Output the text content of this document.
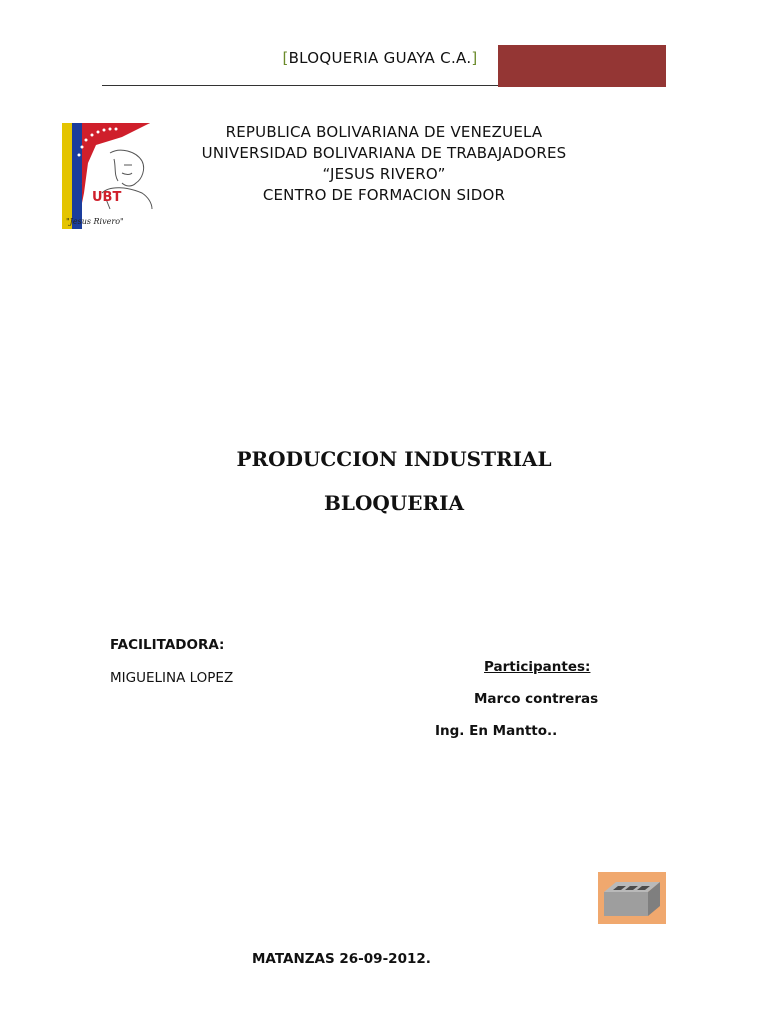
[BLOQUERIA GUAYA C.A.]
UBT
"Jesus Rivero"
REPUBLICA BOLIVARIANA DE VENEZUELA
UNIVERSIDAD BOLIVARIANA DE TRABAJADORES
“JESUS RIVERO”
CENTRO DE FORMACION SIDOR
PRODUCCION INDUSTRIAL
BLOQUERIA
FACILITADORA:
MIGUELINA LOPEZ
Participantes:
Marco contreras
Ing. En Mantto..
MATANZAS 26-09-2012.
